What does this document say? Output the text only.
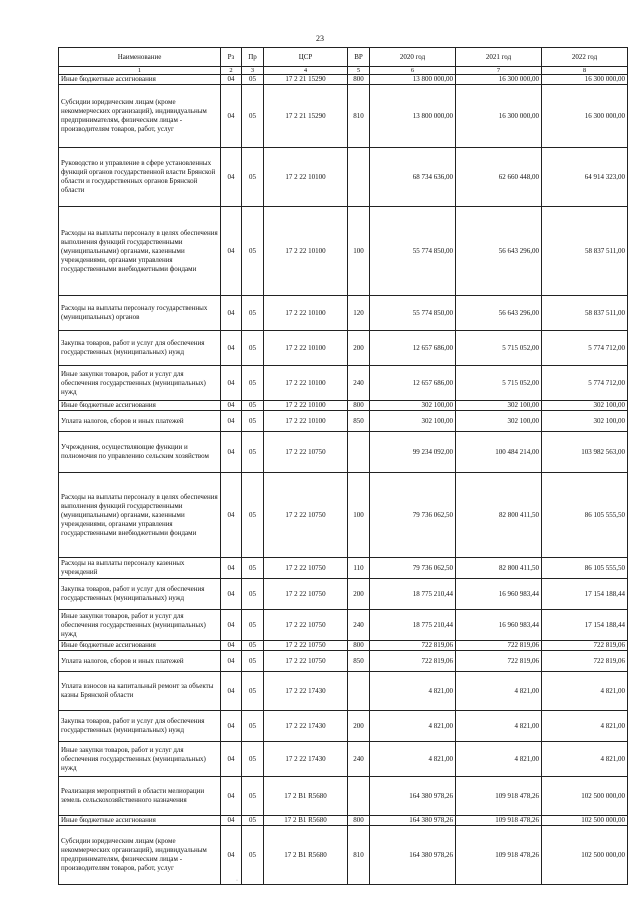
23
Наименование	Рз	Пр	ЦСР	ВР	2020 год	2021 год	2022 год
1	2	3	4	5	6	7	8
Иные бюджетные ассигнования	04	05	17 2 21 15290	800	13 800 000,00	16 300 000,00	16 300 000,00
Субсидии юридическим лицам (кроме некоммерческих организаций), индивидуальным предпринимателям, физическим лицам - производителям товаров, работ, услуг	04	05	17 2 21 15290	810	13 800 000,00	16 300 000,00	16 300 000,00
Руководство и управление в сфере установленных функций органов государственной власти Брянской области и государственных органов Брянской области	04	05	17 2 22 10100		68 734 636,00	62 660 448,00	64 914 323,00
Расходы на выплаты персоналу в целях обеспечения выполнения функций государственными (муниципальными) органами, казенными учреждениями, органами управления государственными внебюджетными фондами	04	05	17 2 22 10100	100	55 774 850,00	56 643 296,00	58 837 511,00
Расходы на выплаты персоналу государственных (муниципальных) органов	04	05	17 2 22 10100	120	55 774 850,00	56 643 296,00	58 837 511,00
Закупка товаров, работ и услуг для обеспечения государственных (муниципальных) нужд	04	05	17 2 22 10100	200	12 657 686,00	5 715 052,00	5 774 712,00
Иные закупки товаров, работ и услуг для обеспечения государственных (муниципальных) нужд	04	05	17 2 22 10100	240	12 657 686,00	5 715 052,00	5 774 712,00
Иные бюджетные ассигнования	04	05	17 2 22 10100	800	302 100,00	302 100,00	302 100,00
Уплата налогов, сборов и иных платежей	04	05	17 2 22 10100	850	302 100,00	302 100,00	302 100,00
Учреждения, осуществляющие функции и полномочия по управлению сельским хозяйством	04	05	17 2 22 10750		99 234 092,00	100 484 214,00	103 982 563,00
Расходы на выплаты персоналу в целях обеспечения выполнения функций государственными (муниципальными) органами, казенными учреждениями, органами управления государственными внебюджетными фондами	04	05	17 2 22 10750	100	79 736 062,50	82 800 411,50	86 105 555,50
Расходы на выплаты персоналу казенных учреждений	04	05	17 2 22 10750	110	79 736 062,50	82 800 411,50	86 105 555,50
Закупка товаров, работ и услуг для обеспечения государственных (муниципальных) нужд	04	05	17 2 22 10750	200	18 775 210,44	16 960 983,44	17 154 188,44
Иные закупки товаров, работ и услуг для обеспечения государственных (муниципальных) нужд	04	05	17 2 22 10750	240	18 775 210,44	16 960 983,44	17 154 188,44
Иные бюджетные ассигнования	04	05	17 2 22 10750	800	722 819,06	722 819,06	722 819,06
Уплата налогов, сборов и иных платежей	04	05	17 2 22 10750	850	722 819,06	722 819,06	722 819,06
Уплата взносов на капитальный ремонт за объекты казны Брянской области	04	05	17 2 22 17430		4 821,00	4 821,00	4 821,00
Закупка товаров, работ и услуг для обеспечения государственных (муниципальных) нужд	04	05	17 2 22 17430	200	4 821,00	4 821,00	4 821,00
Иные закупки товаров, работ и услуг для обеспечения государственных (муниципальных) нужд	04	05	17 2 22 17430	240	4 821,00	4 821,00	4 821,00
Реализация мероприятий в области мелиорации земель сельскохозяйственного назначения	04	05	17 2 B1 R5680		164 380 978,26	109 918 478,26	102 500 000,00
Иные бюджетные ассигнования	04	05	17 2 B1 R5680	800	164 380 978,26	109 918 478,26	102 500 000,00
Субсидии юридическим лицам (кроме некоммерческих организаций), индивидуальным предпринимателям, физическим лицам - производителям товаров, работ, услуг	04	05	17 2 B1 R5680	810	164 380 978,26	109 918 478,26	102 500 000,00
·
